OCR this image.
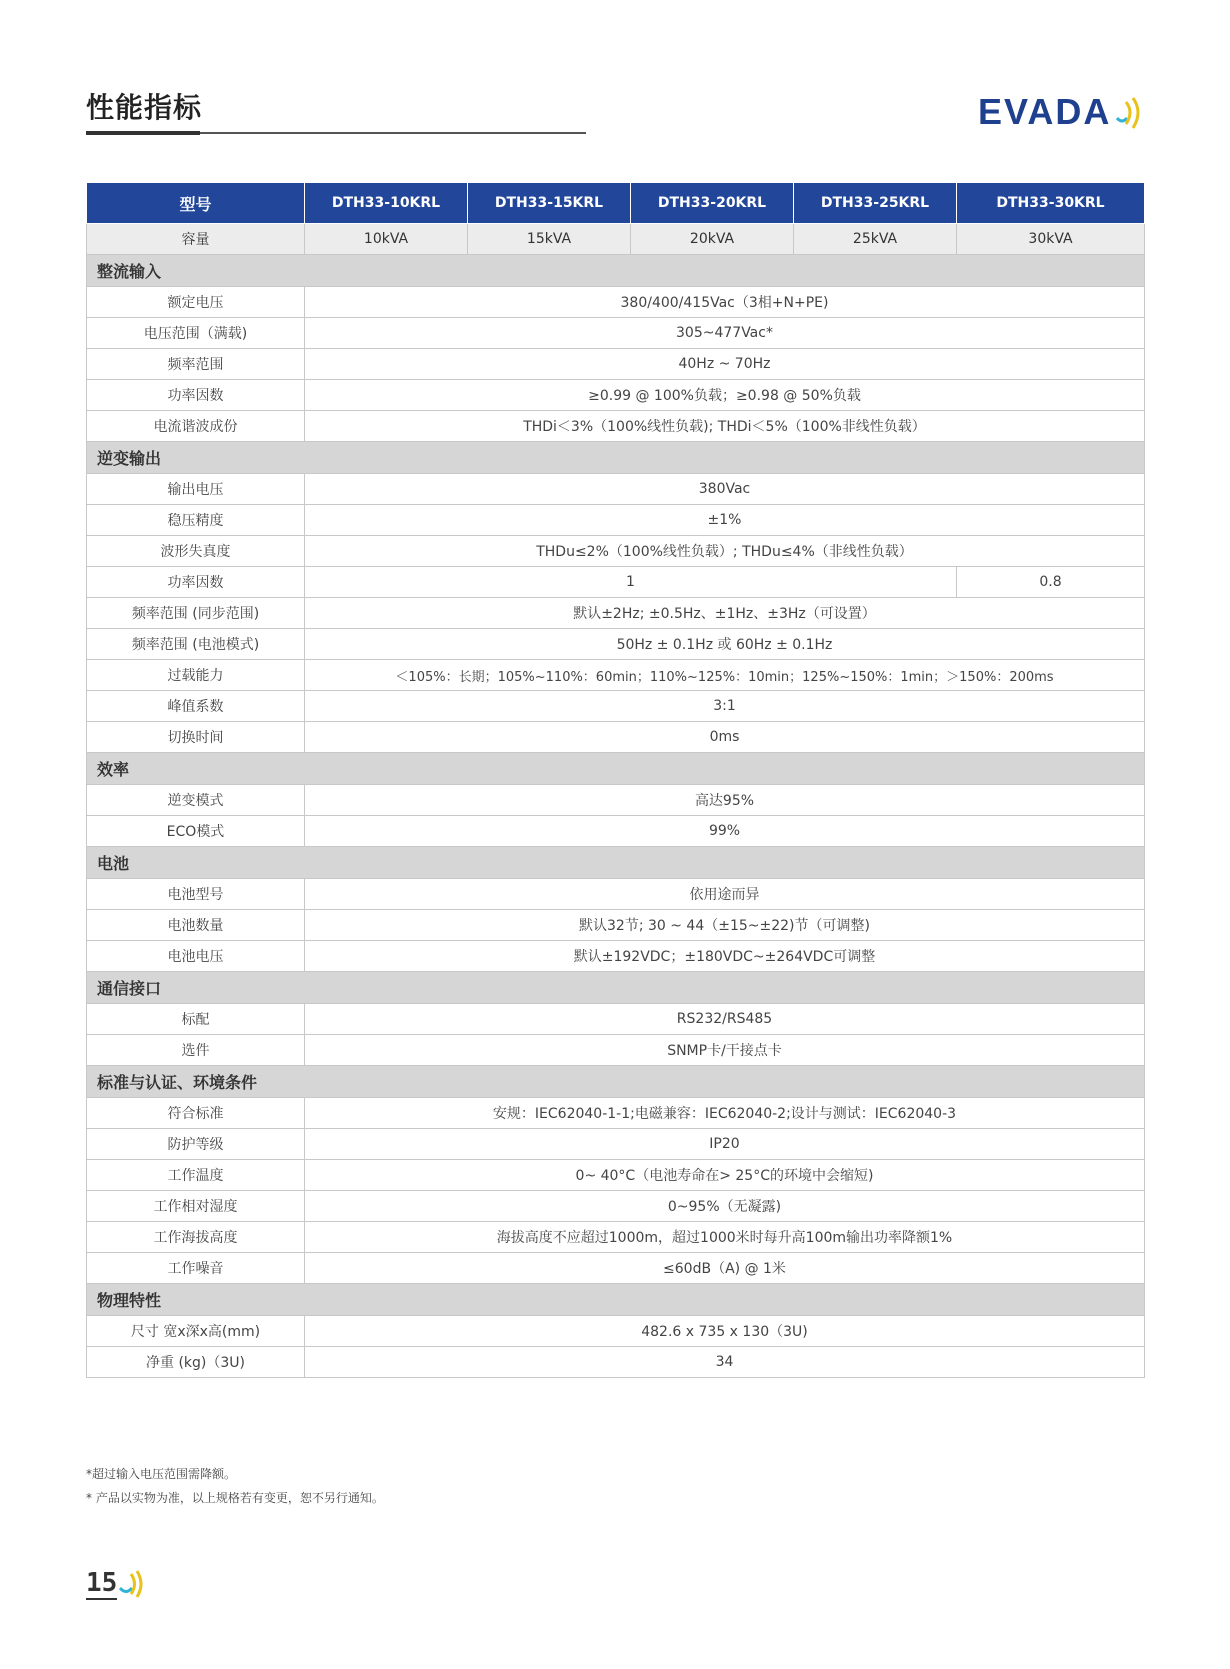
性能指标	EVADA
型号	DTH33-10KRL	DTH33-15KRL	DTH33-20KRL	DTH33-25KRL	DTH33-30KRL
容量	10kVA	15kVA	20kVA	25kVA	30kVA
整流输入					
额定电压	380/400/415Vac（3相+N+PE)				
电压范围（满载)	305~477Vac*				
频率范围	40Hz ~ 70Hz				
功率因数	≥0.99 @ 100%负载；≥0.98 @ 50%负载				
电流谐波成份	THDi＜3%（100%线性负载); THDi＜5%（100%非线性负载）				
逆变输出					
输出电压	380Vac				
稳压精度	±1%				
波形失真度	THDu≤2%（100%线性负载）; THDu≤4%（非线性负载）				
功率因数	1				0.8
频率范围 (同步范围)	默认±2Hz; ±0.5Hz、±1Hz、±3Hz（可设置）				
频率范围 (电池模式)	50Hz ± 0.1Hz 或 60Hz ± 0.1Hz				
过载能力	＜105%：长期；105%~110%：60min；110%~125%：10min；125%~150%：1min；＞150%：200ms				
峰值系数	3:1				
切换时间	0ms				
效率					
逆变模式	高达95%				
ECO模式	99%				
电池					
电池型号	依用途而异				
电池数量	默认32节; 30 ~ 44（±15~±22)节（可调整)				
电池电压	默认±192VDC；±180VDC~±264VDC可调整				
通信接口					
标配	RS232/RS485				
选件	SNMP卡/干接点卡				
标准与认证、环境条件					
符合标准	安规：IEC62040-1-1;电磁兼容：IEC62040-2;设计与测试：IEC62040-3				
防护等级	IP20				
工作温度	0~ 40°C（电池寿命在> 25°C的环境中会缩短)				
工作相对湿度	0~95%（无凝露)				
工作海拔高度	海拔高度不应超过1000m，超过1000米时每升高100m输出功率降额1%				
工作噪音	≤60dB（A) @ 1米				
物理特性					
尺寸 宽x深x高(mm)	482.6 x 735 x 130（3U)				
净重 (kg)（3U)	34				
*超过输入电压范围需降额。
* 产品以实物为准，以上规格若有变更，恕不另行通知。
15
